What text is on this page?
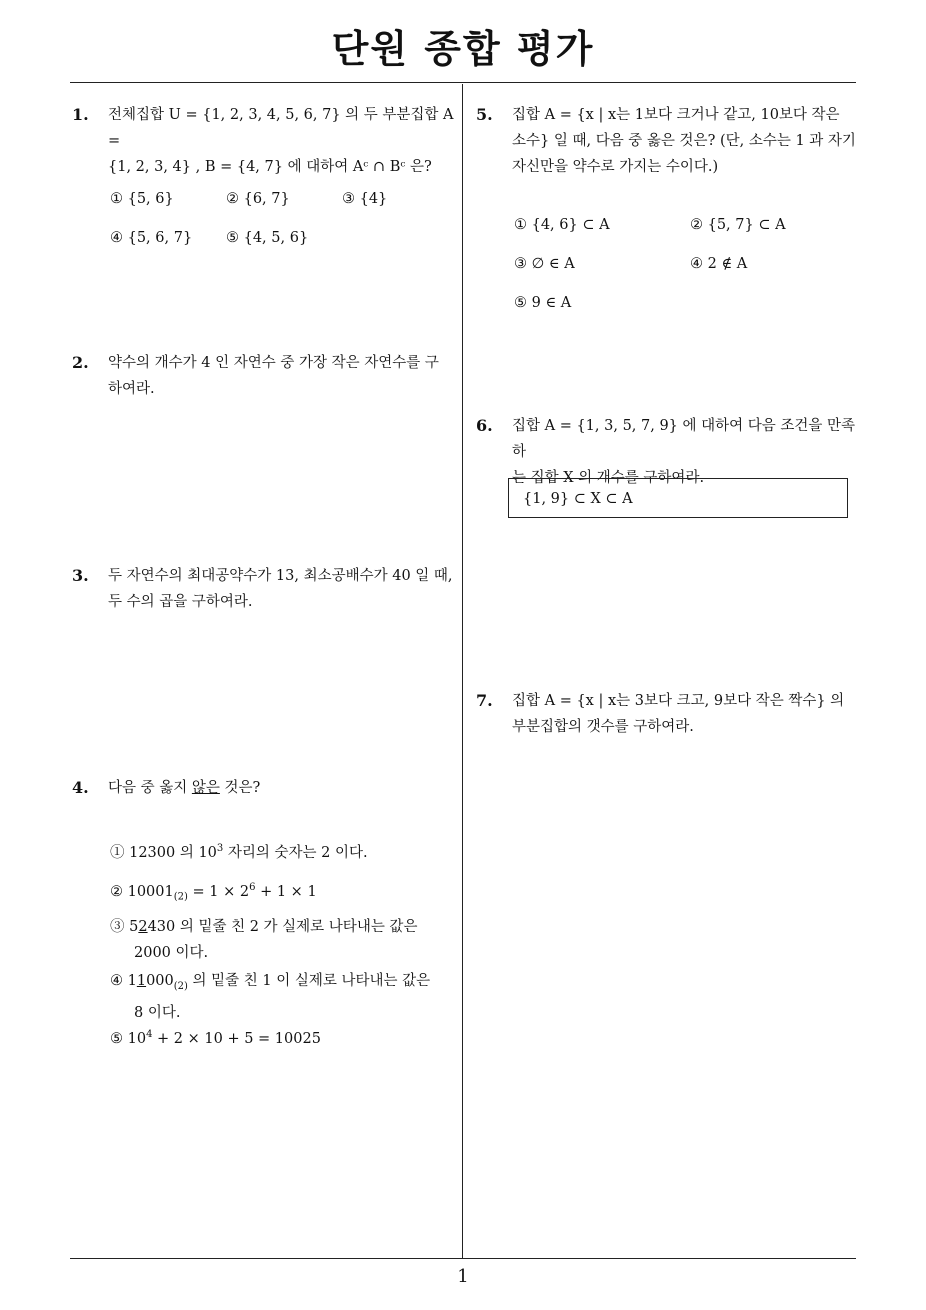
단원 종합 평가
1. 전체집합 U = {1, 2, 3, 4, 5, 6, 7} 의 두 부분집합 A =
{1, 2, 3, 4} , B = {4, 7} 에 대하여 Aᶜ ∩ Bᶜ 은?
① {5, 6}	② {6, 7}	③ {4}
④ {5, 6, 7} ⑤ {4, 5, 6}
2. 약수의 개수가 4 인 자연수 중 가장 작은 자연수를 구
하여라.
3. 두 자연수의 최대공약수가 13, 최소공배수가 40 일 때,
두 수의 곱을 구하여라.
4. 다음 중 옳지 않은 것은?
① 12300 의 $10^3$ 자리의 숫자는 2 이다.
② $10001_{(2)} = 1 \times 2^6 + 1 \times 1$
③ 52430 의 밑줄 친 2 가 실제로 나타내는 값은
2000 이다.
④ $11000_{(2)}$ 의 밑줄 친 1 이 실제로 나타내는 값은
8 이다.
⑤ $10^4 + 2 \times 10 + 5 = 10025$
5. 집합 A = {x | x는 1보다 크거나 같고, 10보다 작은
소수} 일 때, 다음 중 옳은 것은? (단, 소수는 1 과 자기
자신만을 약수로 가지는 수이다.)
① {4, 6} ⊂ A	② {5, 7} ⊂ A
③ ∅ ∈ A	④ 2 ∉ A
⑤ 9 ∈ A
6. 집합 A = {1, 3, 5, 7, 9} 에 대하여 다음 조건을 만족하
는 집합 X 의 개수를 구하여라.
{1, 9} ⊂ X ⊂ A
7. 집합 A = {x | x는 3보다 크고, 9보다 작은 짝수} 의
부분집합의 갯수를 구하여라.
1
